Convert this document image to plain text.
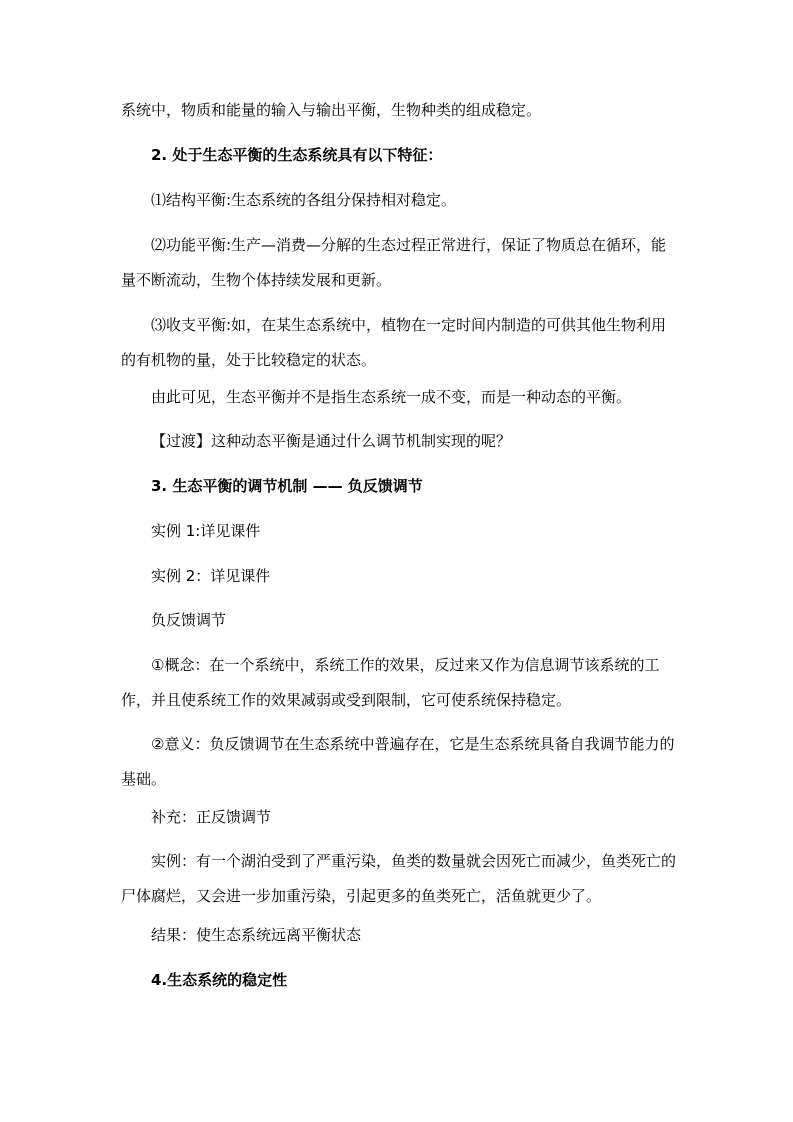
系统中，物质和能量的输入与输出平衡，生物种类的组成稳定。

2. 处于生态平衡的生态系统具有以下特征：

⑴结构平衡:生态系统的各组分保持相对稳定。

⑵功能平衡:生产—消费—分解的生态过程正常进行，保证了物质总在循环，能量不断流动，生物个体持续发展和更新。

⑶收支平衡:如，在某生态系统中，植物在一定时间内制造的可供其他生物利用的有机物的量，处于比较稳定的状态。

由此可见，生态平衡并不是指生态系统一成不变，而是一种动态的平衡。

【过渡】这种动态平衡是通过什么调节机制实现的呢？

3. 生态平衡的调节机制 —— 负反馈调节

实例 1:详见课件

实例 2：详见课件

负反馈调节

①概念：在一个系统中，系统工作的效果，反过来又作为信息调节该系统的工作，并且使系统工作的效果减弱或受到限制，它可使系统保持稳定。

②意义：负反馈调节在生态系统中普遍存在，它是生态系统具备自我调节能力的基础。

补充：正反馈调节

实例：有一个湖泊受到了严重污染，鱼类的数量就会因死亡而减少，鱼类死亡的尸体腐烂，又会进一步加重污染，引起更多的鱼类死亡，活鱼就更少了。

结果：使生态系统远离平衡状态

4.生态系统的稳定性
